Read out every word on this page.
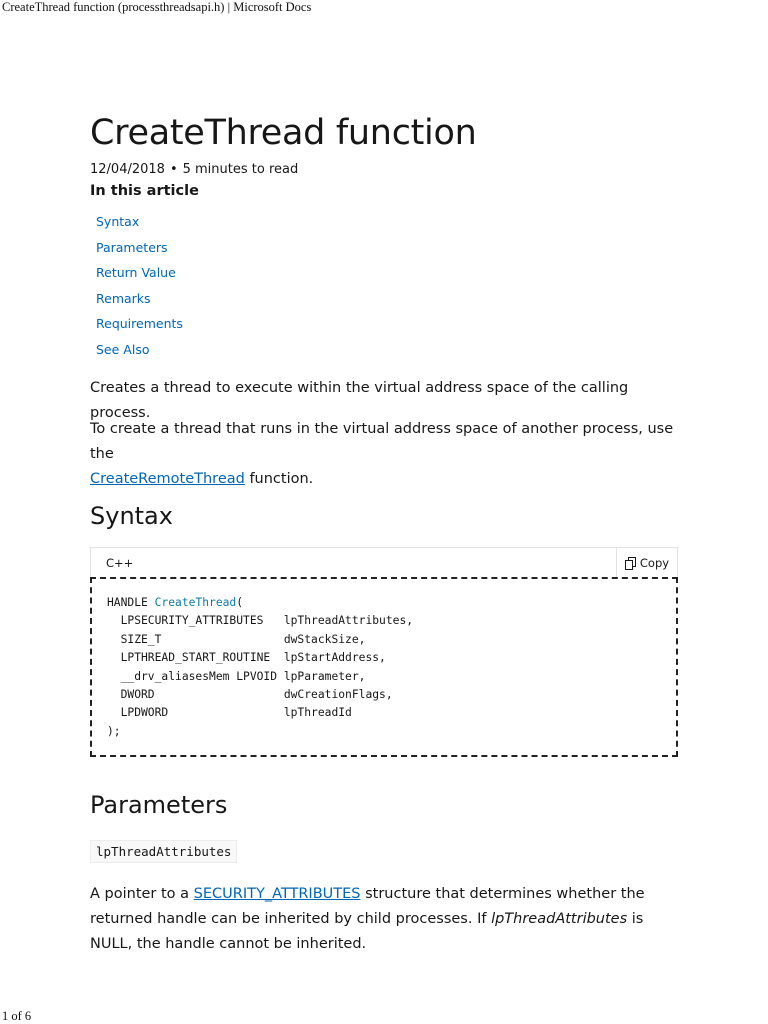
CreateThread function (processthreadsapi.h) | Microsoft Docs
CreateThread function
12/04/2018 • 5 minutes to read
In this article
Syntax
Parameters
Return Value
Remarks
Requirements
See Also

Creates a thread to execute within the virtual address space of the calling process.

To create a thread that runs in the virtual address space of another process, use the
CreateRemoteThread function.

Syntax
C++	Copy
HANDLE CreateThread(
LPSECURITY_ATTRIBUTES   lpThreadAttributes,
SIZE_T                  dwStackSize,
LPTHREAD_START_ROUTINE  lpStartAddress,
__drv_aliasesMem LPVOID lpParameter,
DWORD                   dwCreationFlags,
LPDWORD                 lpThreadId
);
Parameters
lpThreadAttributes

A pointer to a SECURITY_ATTRIBUTES structure that determines whether the returned handle can be inherited by child processes. If lpThreadAttributes is NULL, the handle cannot be inherited.

1 of 6
